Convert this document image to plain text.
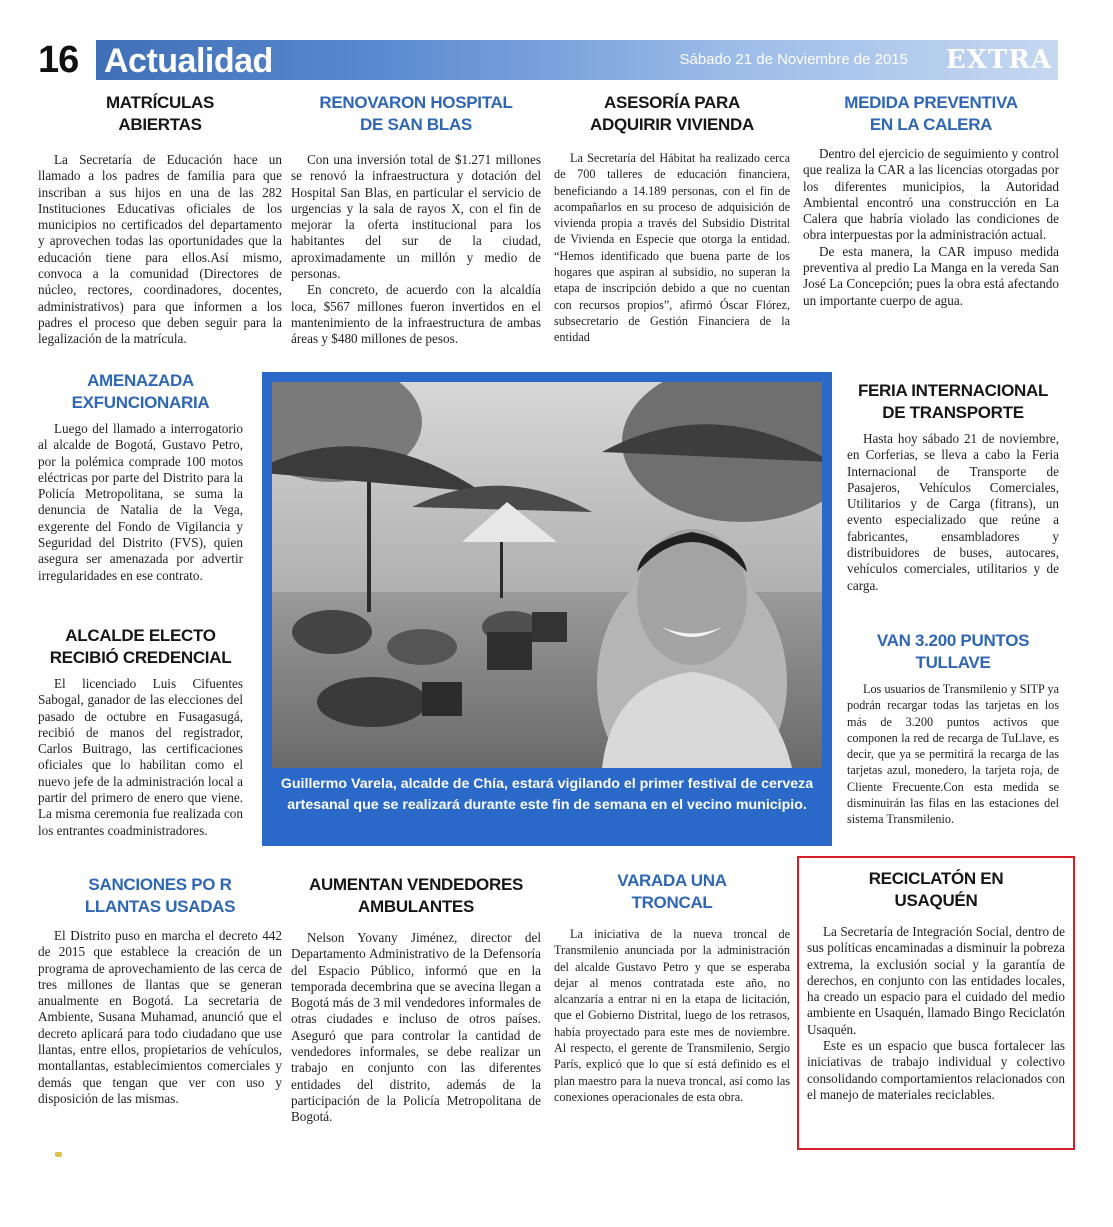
16 Actualidad	Sábado 21 de Noviembre de 2015 EXTRA
MATRÍCULAS ABIERTAS

La Secretaría de Educación hace un llamado a los padres de familia para que inscriban a sus hijos en una de las 282 Instituciones Educativas oficiales de los municipios no certificados del departamento y aprovechen todas las oportunidades que la educación tiene para ellos.Así mismo, convoca a la comunidad (Directores de núcleo, rectores, coordinadores, docentes, administrativos) para que informen a los padres el proceso que deben seguir para la legalización de la matrícula.

RENOVARON HOSPITAL DE SAN BLAS

Con una inversión total de $1.271 millones se renovó la infraestructura y dotación del Hospital San Blas, en particular el servicio de urgencias y la sala de rayos X, con el fin de mejorar la oferta institucional para los habitantes del sur de la ciudad, aproximadamente un millón y medio de personas.

En concreto, de acuerdo con la alcaldía loca, $567 millones fueron invertidos en el mantenimiento de la infraestructura de ambas áreas y $480 millones de pesos.

ASESORÍA PARA ADQUIRIR VIVIENDA

La Secretaría del Hábitat ha realizado cerca de 700 talleres de educación financiera, beneficiando a 14.189 personas, con el fin de acompañarlos en su proceso de adquisición de vivienda propia a través del Subsidio Distrital de Vivienda en Especie que otorga la entidad. “Hemos identificado que buena parte de los hogares que aspiran al subsidio, no superan la etapa de inscripción debido a que no cuentan con recursos propios”, afirmó Óscar Flórez, subsecretario de Gestión Financiera de la entidad

MEDIDA PREVENTIVA EN LA CALERA

Dentro del ejercicio de seguimiento y control que realiza la CAR a las licencias otorgadas por los diferentes municipios, la Autoridad Ambiental encontró una construcción en La Calera que habría violado las condiciones de obra interpuestas por la administración actual.

De esta manera, la CAR impuso medida preventiva al predio La Manga en la vereda San José La Concepción; pues la obra está afectando un importante cuerpo de agua.

AMENAZADA EXFUNCIONARIA

Luego del llamado a interrogatorio al alcalde de Bogotá, Gustavo Petro, por la polémica comprade 100 motos eléctricas por parte del Distrito para la Policía Metropolitana, se suma la denuncia de Natalia de la Vega, exgerente del Fondo de Vigilancia y Seguridad del Distrito (FVS), quien asegura ser amenazada por advertir irregularidades en ese contrato.

ALCALDE ELECTO RECIBIÓ CREDENCIAL

El licenciado Luis Cifuentes Sabogal, ganador de las elecciones del pasado de octubre en Fusagasugá, recibió de manos del registrador, Carlos Buitrago, las certificaciones oficiales que lo habilitan como el nuevo jefe de la administración local a partir del primero de enero que viene. La misma ceremonia fue realizada con los entrantes coadministradores.

Guillermo Varela, alcalde de Chía, estará vigilando el primer festival de cerveza artesanal que se realizará durante este fin de semana en el vecino municipio.
FERIA INTERNACIONAL DE TRANSPORTE

Hasta hoy sábado 21 de noviembre, en Corferias, se lleva a cabo la Feria Internacional de Transporte de Pasajeros, Vehículos Comerciales, Utilitarios y de Carga (fitrans), un evento especializado que reúne a fabricantes, ensambladores y distribuidores de buses, autocares, vehículos comerciales, utilitarios y de carga.

VAN 3.200 PUNTOS TULLAVE

Los usuarios de Transmilenio y SITP ya podrán recargar todas las tarjetas en los más de 3.200 puntos activos que componen la red de recarga de TuLlave, es decir, que ya se permitirá la recarga de las tarjetas azul, monedero, la tarjeta roja, de Cliente Frecuente.Con esta medida se disminuirán las filas en las estaciones del sistema Transmilenio.

SANCIONES PO R LLANTAS USADAS

El Distrito puso en marcha el decreto 442 de 2015 que establece la creación de un programa de aprovechamiento de las cerca de tres millones de llantas que se generan anualmente en Bogotá. La secretaria de Ambiente, Susana Muhamad, anunció que el decreto aplicará para todo ciudadano que use llantas, entre ellos, propietarios de vehículos, montallantas, establecimientos comerciales y demás que tengan que ver con uso y disposición de las mismas.

AUMENTAN VENDEDORES AMBULANTES

Nelson Yovany Jiménez, director del Departamento Administrativo de la Defensoría del Espacio Público, informó que en la temporada decembrina que se avecina llegan a Bogotá más de 3 mil vendedores informales de otras ciudades e incluso de otros países. Aseguró que para controlar la cantidad de vendedores informales, se debe realizar un trabajo en conjunto con las diferentes entidades del distrito, además de la participación de la Policía Metropolitana de Bogotá.

VARADA UNA TRONCAL

La iniciativa de la nueva troncal de Transmilenio anunciada por la administración del alcalde Gustavo Petro y que se esperaba dejar al menos contratada este año, no alcanzaría a entrar ni en la etapa de licitación, que el Gobierno Distrital, luego de los retrasos, había proyectado para este mes de noviembre. Al respecto, el gerente de Transmilenio, Sergio París, explicó que lo que sí está definido es el plan maestro para la nueva troncal, así como las conexiones operacionales de esta obra.

RECICLATÓN EN USAQUÉN

La Secretaría de Integración Social, dentro de sus políticas encaminadas a disminuir la pobreza extrema, la exclusión social y la garantía de derechos, en conjunto con las entidades locales, ha creado un espacio para el cuidado del medio ambiente en Usaquén, llamado Bingo Reciclatón Usaquén.

Este es un espacio que busca fortalecer las iniciativas de trabajo individual y colectivo consolidando comportamientos relacionados con el manejo de materiales reciclables.
